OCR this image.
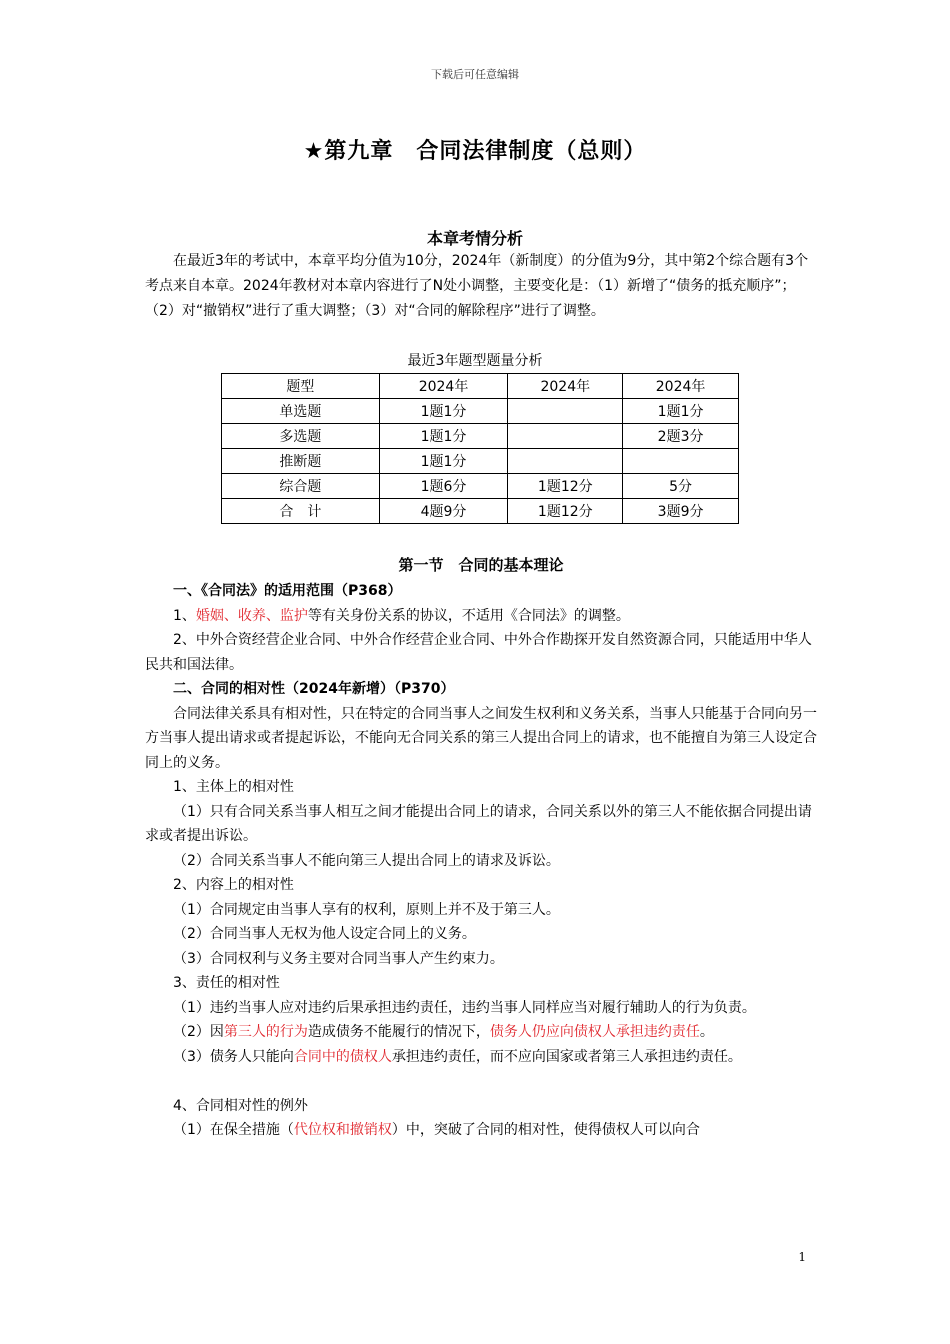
下载后可任意编辑
★第九章　合同法律制度（总则）
本章考情分析

在最近3年的考试中，本章平均分值为10分，2024年（新制度）的分值为9分，其中第2个综合题有3个考点来自本章。2024年教材对本章内容进行了N处小调整，主要变化是：（1）新增了“债务的抵充顺序”；（2）对“撤销权”进行了重大调整；（3）对“合同的解除程序”进行了调整。

最近3年题型题量分析
题型	2024年	2024年	2024年
单选题	1题1分		1题1分
多选题	1题1分		2题3分
推断题	1题1分		
综合题	1题6分	1题12分	5分
合　计	4题9分	1题12分	3题9分
第一节　合同的基本理论

一、《合同法》的适用范围（P368）

1、婚姻、收养、监护等有关身份关系的协议，不适用《合同法》的调整。

2、中外合资经营企业合同、中外合作经营企业合同、中外合作勘探开发自然资源合同，只能适用中华人民共和国法律。

二、合同的相对性（2024年新增）（P370）

合同法律关系具有相对性，只在特定的合同当事人之间发生权利和义务关系，当事人只能基于合同向另一方当事人提出请求或者提起诉讼，不能向无合同关系的第三人提出合同上的请求，也不能擅自为第三人设定合同上的义务。

1、主体上的相对性

（1）只有合同关系当事人相互之间才能提出合同上的请求，合同关系以外的第三人不能依据合同提出请求或者提出诉讼。

（2）合同关系当事人不能向第三人提出合同上的请求及诉讼。

2、内容上的相对性

（1）合同规定由当事人享有的权利，原则上并不及于第三人。

（2）合同当事人无权为他人设定合同上的义务。

（3）合同权利与义务主要对合同当事人产生约束力。

3、责任的相对性

（1）违约当事人应对违约后果承担违约责任，违约当事人同样应当对履行辅助人的行为负责。

（2）因第三人的行为造成债务不能履行的情况下，债务人仍应向债权人承担违约责任。

（3）债务人只能向合同中的债权人承担违约责任，而不应向国家或者第三人承担违约责任。

4、合同相对性的例外

（1）在保全措施（代位权和撤销权）中，突破了合同的相对性，使得债权人可以向合

1
